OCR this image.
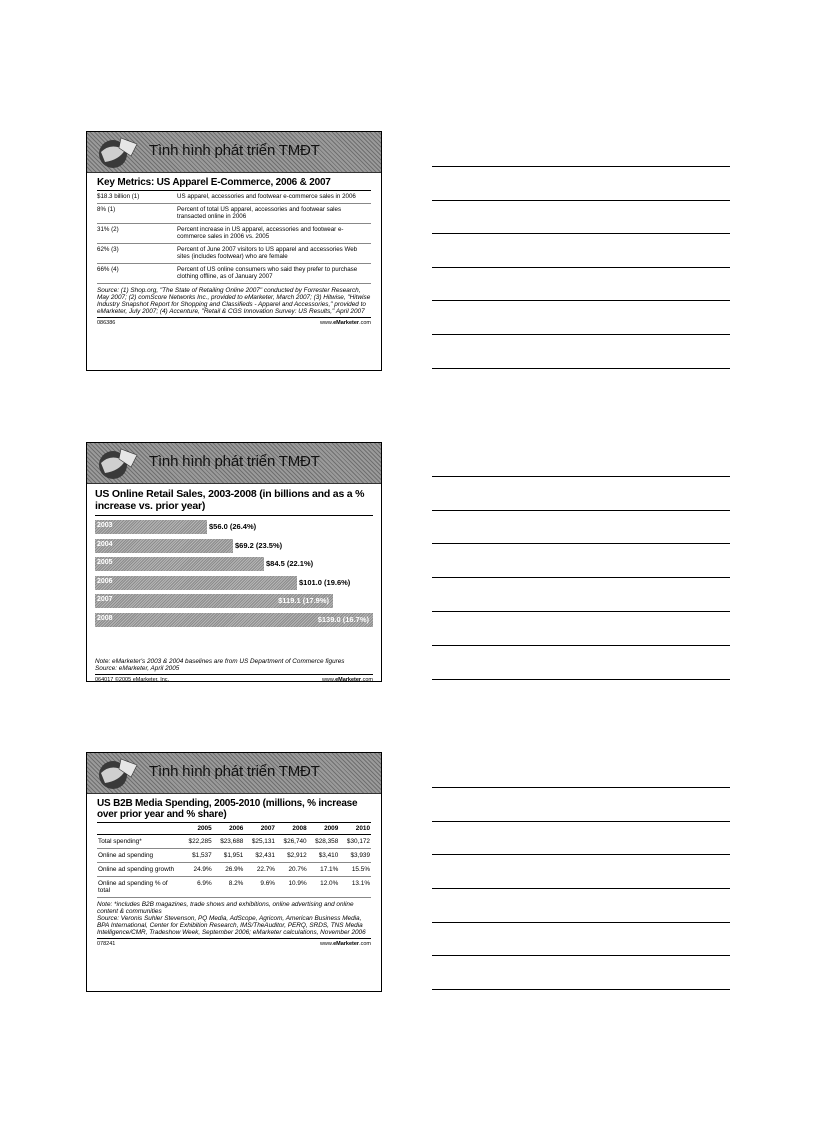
Tình hình phát triển TMĐT
Key Metrics: US Apparel E-Commerce, 2006 & 2007
$18.3 billion (1)	US apparel, accessories and footwear e-commerce sales in 2006
8% (1)	Percent of total US apparel, accessories and footwear sales transacted online in 2006
31% (2)	Percent increase in US apparel, accessories and footwear e-commerce sales in 2006 vs. 2005
62% (3)	Percent of June 2007 visitors to US apparel and accessories Web sites (includes footwear) who are female
66% (4)	Percent of US online consumers who said they prefer to purchase clothing offline, as of January 2007
Source: (1) Shop.org, "The State of Retailing Online 2007" conducted by Forrester Research, May 2007; (2) comScore Networks Inc., provided to eMarketer, March 2007; (3) Hitwise, "Hitwise Industry Snapshot Report for Shopping and Classifieds - Apparel and Accessories," provided to eMarketer, July 2007; (4) Accenture, "Retail & CGS Innovation Survey: US Results," April 2007
086386	www.eMarketer.com
Tình hình phát triển TMĐT
US Online Retail Sales, 2003-2008 (in billions and as a % increase vs. prior year)
2003	$56.0 (26.4%)
2004	$69.2 (23.5%)
2005	$84.5 (22.1%)
2006	$101.0 (19.6%)
2007	$119.1 (17.9%)
2008	$139.0 (16.7%)
Note: eMarketer's 2003 & 2004 baselines are from US Department of Commerce figures
Source: eMarketer, April 2005
064017 ©2005 eMarketer, Inc.	www.eMarketer.com
Tình hình phát triển TMĐT
US B2B Media Spending, 2005-2010 (millions, % increase over prior year and % share)
	2005	2006	2007	2008	2009	2010
Total spending*	$22,285	$23,688	$25,131	$26,740	$28,358	$30,172
Online ad spending	$1,537	$1,951	$2,431	$2,912	$3,410	$3,939
Online ad spending growth	24.9%	26.9%	22.7%	20.7%	17.1%	15.5%
Online ad spending % of total	6.9%	8.2%	9.6%	10.9%	12.0%	13.1%
Note: *includes B2B magazines, trade shows and exhibitions, online advertising and online content & communities
Source: Veronis Suhler Stevenson, PQ Media, AdScope, Agricom, American Business Media, BPA International, Center for Exhibition Research, IMS/TheAuditor, PERQ, SRDS, TNS Media Intelligence/CMR, Tradeshow Week, September 2006; eMarketer calculations, November 2006
078241	www.eMarketer.com
